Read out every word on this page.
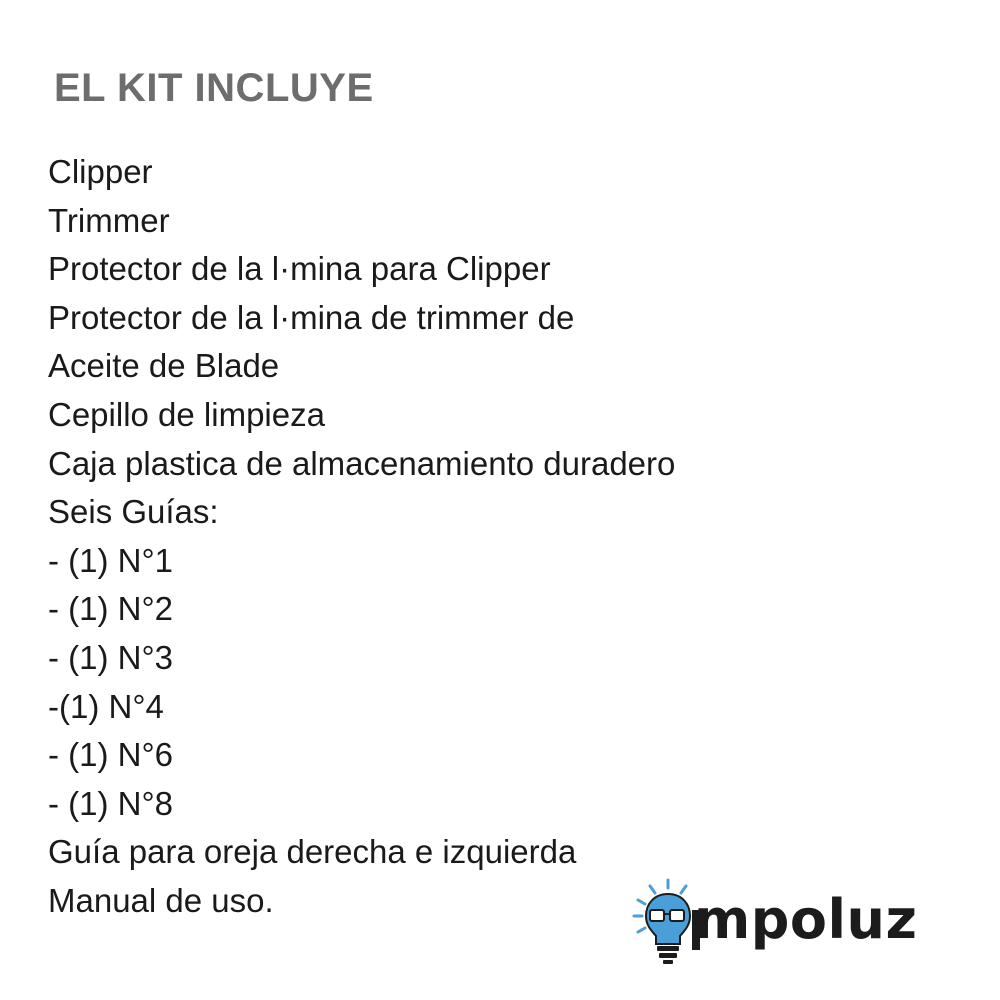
EL KIT INCLUYE
Clipper
Trimmer
Protector de la l·mina para Clipper
Protector de la l·mina de trimmer de
Aceite de Blade
Cepillo de limpieza
Caja plastica de almacenamiento duradero
Seis Guías:
- (1) N°1
- (1) N°2
- (1) N°3
-(1) N°4
- (1) N°6
- (1) N°8
Guía para oreja derecha e izquierda
Manual de uso.	mpoluz
